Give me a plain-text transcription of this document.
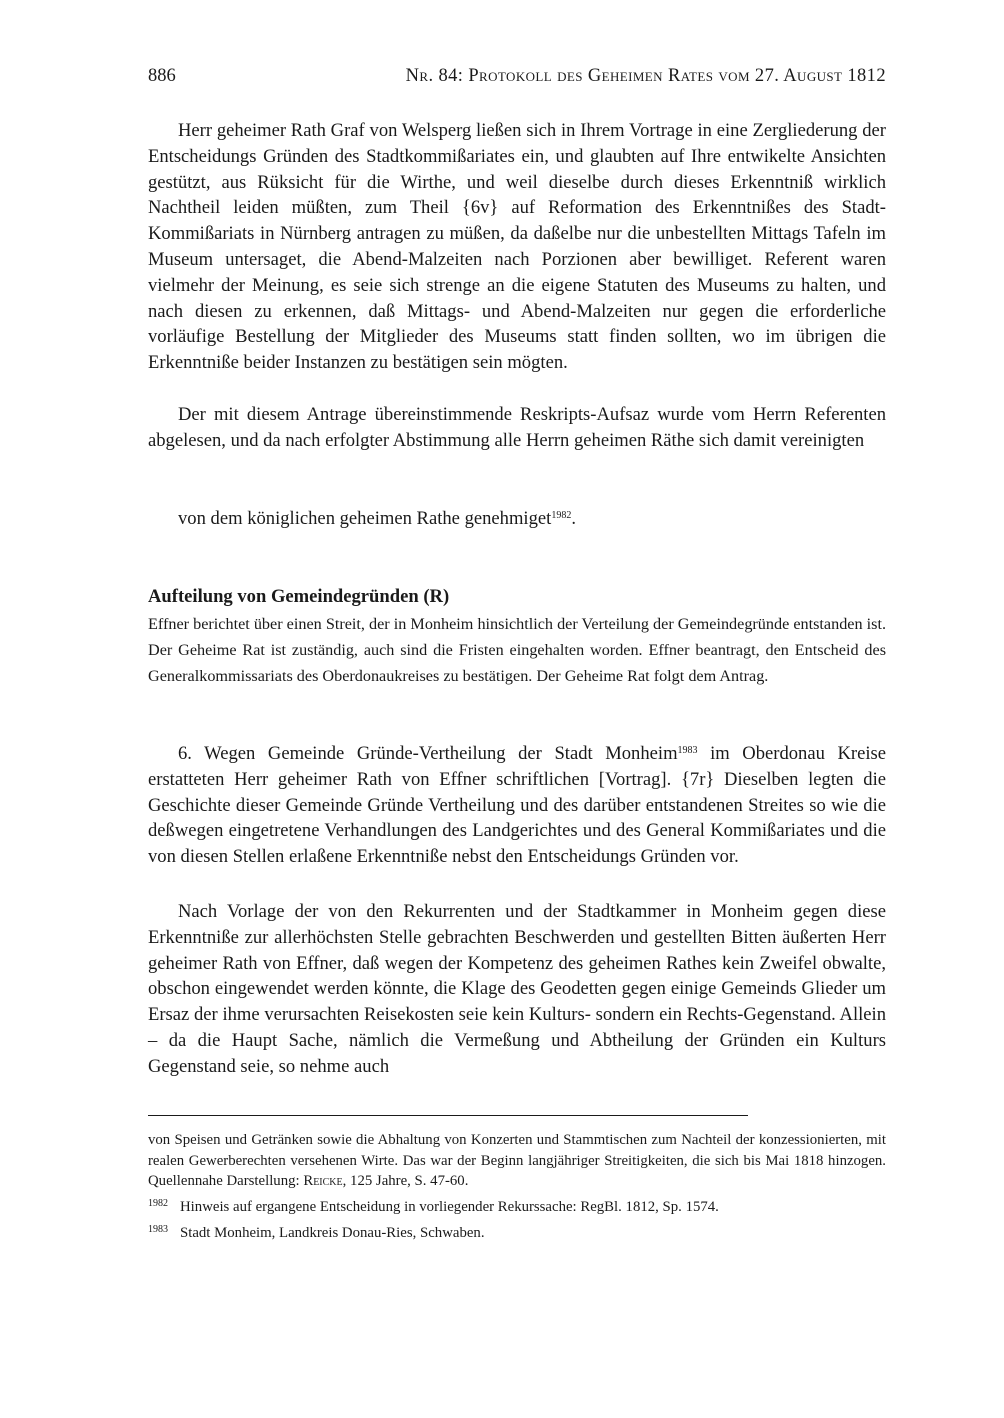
886	Nr. 84: Protokoll des Geheimen Rates vom 27. August 1812

Herr geheimer Rath Graf von Welsperg ließen sich in Ihrem Vortrage in eine Zergliederung der Entscheidungs Gründen des Stadtkommißariates ein, und glaubten auf Ihre entwikelte Ansichten gestützt, aus Rüksicht für die Wirthe, und weil dieselbe durch dieses Erkenntniß wirklich Nachtheil leiden müßten, zum Theil {6v} auf Reformation des Erkenntnißes des Stadt-Kommißariats in Nürnberg antragen zu müßen, da daßelbe nur die unbestellten Mittags Tafeln im Museum untersaget, die Abend-Malzeiten nach Porzionen aber bewilliget. Referent waren vielmehr der Meinung, es seie sich strenge an die eigene Statuten des Museums zu halten, und nach diesen zu erkennen, daß Mittags- und Abend-Malzeiten nur gegen die erforderliche vorläufige Bestellung der Mitglieder des Museums statt finden sollten, wo im übrigen die Erkenntniße beider Instanzen zu bestätigen sein mögten.

Der mit diesem Antrage übereinstimmende Reskripts-Aufsaz wurde vom Herrn Referenten abgelesen, und da nach erfolgter Abstimmung alle Herrn geheimen Räthe sich damit vereinigten

von dem königlichen geheimen Rathe genehmiget$^{1982}$.

Aufteilung von Gemeindegründen (R)

Effner berichtet über einen Streit, der in Monheim hinsichtlich der Verteilung der Gemeindegründe entstanden ist. Der Geheime Rat ist zuständig, auch sind die Fristen eingehalten worden. Effner beantragt, den Entscheid des Generalkommissariats des Oberdonaukreises zu bestätigen. Der Geheime Rat folgt dem Antrag.

6. Wegen Gemeinde Gründe-Vertheilung der Stadt Monheim$^{1983}$ im Oberdonau Kreise erstatteten Herr geheimer Rath von Effner schriftlichen [Vortrag]. {7r} Dieselben legten die Geschichte dieser Gemeinde Gründe Vertheilung und des darüber entstandenen Streites so wie die deßwegen eingetretene Verhandlungen des Landgerichtes und des General Kommißariates und die von diesen Stellen erlaßene Erkenntniße nebst den Entscheidungs Gründen vor.

Nach Vorlage der von den Rekurrenten und der Stadtkammer in Monheim gegen diese Erkenntniße zur allerhöchsten Stelle gebrachten Beschwerden und gestellten Bitten äußerten Herr geheimer Rath von Effner, daß wegen der Kompetenz des geheimen Rathes kein Zweifel obwalte, obschon eingewendet werden könnte, die Klage des Geodetten gegen einige Gemeinds Glieder um Ersaz der ihme verursachten Reisekosten seie kein Kulturs- sondern ein Rechts-Gegenstand. Allein – da die Haupt Sache, nämlich die Vermeßung und Abtheilung der Gründen ein Kulturs Gegenstand seie, so nehme auch

von Speisen und Getränken sowie die Abhaltung von Konzerten und Stammtischen zum Nachteil der konzessionierten, mit realen Gewerberechten versehenen Wirte. Das war der Beginn langjähriger Streitigkeiten, die sich bis Mai 1818 hinzogen. Quellennahe Darstellung: Reicke, 125 Jahre, S. 47-60.

1982 Hinweis auf ergangene Entscheidung in vorliegender Rekurssache: RegBl. 1812, Sp. 1574.

1983 Stadt Monheim, Landkreis Donau-Ries, Schwaben.
